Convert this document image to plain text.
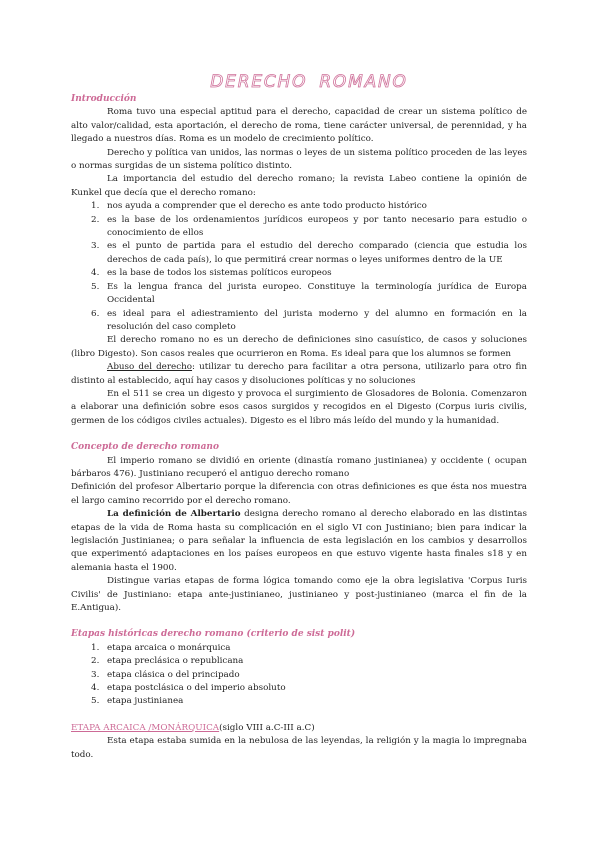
DERECHO ROMANO
Introducción

Roma tuvo una especial aptitud para el derecho, capacidad de crear un sistema político de alto valor/calidad, esta aportación, el derecho de roma, tiene carácter universal, de perennidad, y ha llegado a nuestros días. Roma es un modelo de crecimiento político.

Derecho y política van unidos, las normas o leyes de un sistema político proceden de las leyes o normas surgidas de un sistema político distinto.

La importancia del estudio del derecho romano; la revista Labeo contiene la opinión de Kunkel que decía que el derecho romano:

1. nos ayuda a comprender que el derecho es ante todo producto histórico
2. es la base de los ordenamientos jurídicos europeos y por tanto necesario para estudio o conocimiento de ellos
3. es el punto de partida para el estudio del derecho comparado (ciencia que estudia los derechos de cada país), lo que permitirá crear normas o leyes uniformes dentro de la UE
4. es la base de todos los sistemas políticos europeos
5. Es la lengua franca del jurista europeo. Constituye la terminología jurídica de Europa Occidental
6. es ideal para el adiestramiento del jurista moderno y del alumno en formación en la resolución del caso completo

El derecho romano no es un derecho de definiciones sino casuístico, de casos y soluciones (libro Digesto). Son casos reales que ocurrieron en Roma. Es ideal para que los alumnos se formen

Abuso del derecho: utilizar tu derecho para facilitar a otra persona, utilizarlo para otro fin distinto al establecido, aquí hay casos y disoluciones políticas y no soluciones

En el 511 se crea un digesto y provoca el surgimiento de Glosadores de Bolonia. Comenzaron a elaborar una definición sobre esos casos surgidos y recogidos en el Digesto (Corpus iuris civilis, germen de los códigos civiles actuales). Digesto es el libro más leído del mundo y la humanidad.

Concepto de derecho romano

El imperio romano se dividió en oriente (dinastía romano justinianea) y occidente ( ocupan bárbaros 476). Justiniano recuperó el antiguo derecho romano

Definición del profesor Albertario porque la diferencia con otras definiciones es que ésta nos muestra el largo camino recorrido por el derecho romano.

La definición de Albertario designa derecho romano al derecho elaborado en las distintas etapas de la vida de Roma hasta su complicación en el siglo VI con Justiniano; bien para indicar la legislación Justinianea; o para señalar la influencia de esta legislación en los cambios y desarrollos que experimentó adaptaciones en los países europeos en que estuvo vigente hasta finales s18 y en alemania hasta el 1900.

Distingue varias etapas de forma lógica tomando como eje la obra legislativa 'Corpus Iuris Civilis' de Justiniano: etapa ante-justinianeo, justinianeo y post-justinianeo (marca el fin de la E.Antigua).

Etapas históricas derecho romano (criterio de sist polit)
1. etapa arcaica o monárquica
2. etapa preclásica o republicana
3. etapa clásica o del principado
4. etapa postclásica o del imperio absoluto
5. etapa justinianea

ETAPA ARCAICA /MONÁRQUICA(siglo VIII a.C-III a.C)

Esta etapa estaba sumida en la nebulosa de las leyendas, la religión y la magia lo impregnaba todo.
